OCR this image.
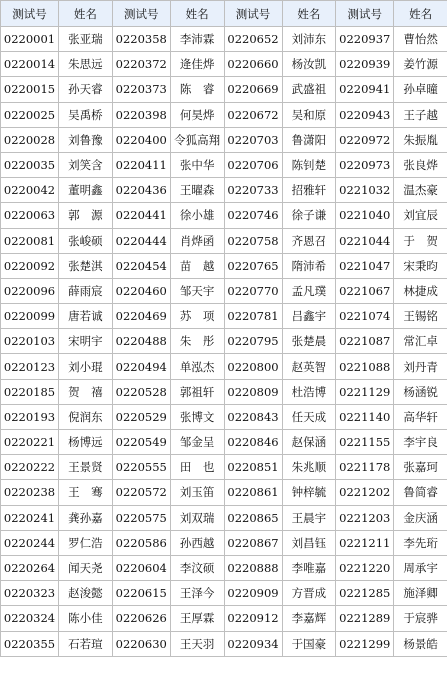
测试号	姓名	测试号	姓名	测试号	姓名	测试号	姓名
0220001	张亚瑞	0220358	李沛霖	0220652	刘沛东	0220937	曹怡然
0220014	朱思远	0220372	逄佳烨	0220660	杨汝凯	0220939	姜竹源
0220015	孙天睿	0220373	陈　睿	0220669	武盛祖	0220941	孙卓曈
0220025	吴禹桥	0220398	何昊烨	0220672	吴和原	0220943	王子越
0220028	刘鲁豫	0220400	令狐高翔	0220703	鲁潇阳	0220972	朱振胤
0220035	刘笑含	0220411	张中华	0220706	陈钊楚	0220973	张良烨
0220042	董明鑫	0220436	王曜森	0220733	招雅轩	0221032	温杰豪
0220063	郭　源	0220441	徐小雄	0220746	徐子谦	0221040	刘宜辰
0220081	张峻硕	0220444	肖烨函	0220758	齐恩召	0221044	于　贺
0220092	张楚淇	0220454	苗　越	0220765	隋沛希	0221047	宋秉昀
0220096	薛雨宸	0220460	邹天宇	0220770	孟凡璞	0221067	林捷成
0220099	唐若诚	0220469	苏　项	0220781	吕鑫宇	0221074	王锡铭
0220103	宋明宇	0220488	朱　彤	0220795	张楚晨	0221087	常汇卓
0220123	刘小琨	0220494	单泓杰	0220800	赵英智	0221088	刘丹青
0220185	贺　禧	0220528	郭祖轩	0220809	杜浩博	0221129	杨涵锐
0220193	倪润东	0220529	张博文	0220843	任天成	0221140	高华轩
0220221	杨博远	0220549	邹金呈	0220846	赵保涵	0221155	李宇良
0220222	王景贤	0220555	田　也	0220851	朱兆顺	0221178	张嘉珂
0220238	王　骞	0220572	刘玉笛	0220861	钟梓毓	0221202	鲁简睿
0220241	龚孙嘉	0220575	刘双瑞	0220865	王晨宇	0221203	金庆涵
0220244	罗仁浩	0220586	孙西越	0220867	刘昌钰	0221211	李先珩
0220264	闻天尧	0220604	李汶硕	0220888	李唯嘉	0221220	周承宇
0220323	赵浚懿	0220615	王泽今	0220909	方晋成	0221285	施泽卿
0220324	陈小佳	0220626	王厚霖	0220912	李嘉辉	0221289	于宸骅
0220355	石若瑄	0220630	王天羽	0220934	于国豪	0221299	杨景皓
